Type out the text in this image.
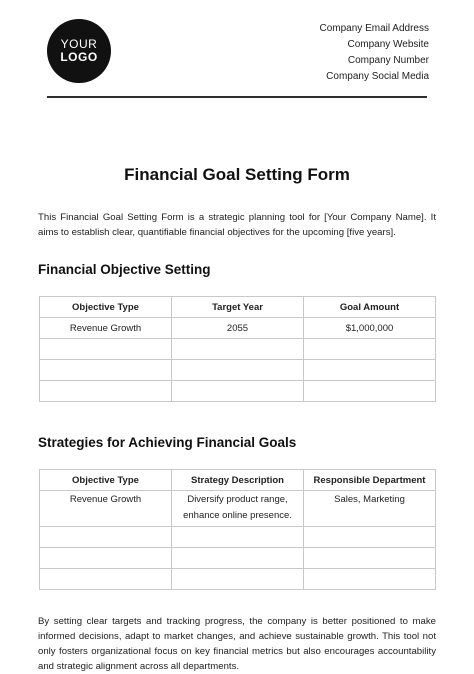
YOUR
LOGO
Company Email Address
Company Website
Company Number
Company Social Media
Financial Goal Setting Form
This Financial Goal Setting Form is a strategic planning tool for [Your Company Name]. It aims to establish clear, quantifiable financial objectives for the upcoming [five years].
Financial Objective Setting
Objective Type	Target Year	Goal Amount
Revenue Growth	2055	$1,000,000

Strategies for Achieving Financial Goals
Objective Type	Strategy Description	Responsible Department
Revenue Growth	Diversify product range, enhance online presence.	Sales, Marketing

By setting clear targets and tracking progress, the company is better positioned to make informed decisions, adapt to market changes, and achieve sustainable growth. This tool not only fosters organizational focus on key financial metrics but also encourages accountability and strategic alignment across all departments.
